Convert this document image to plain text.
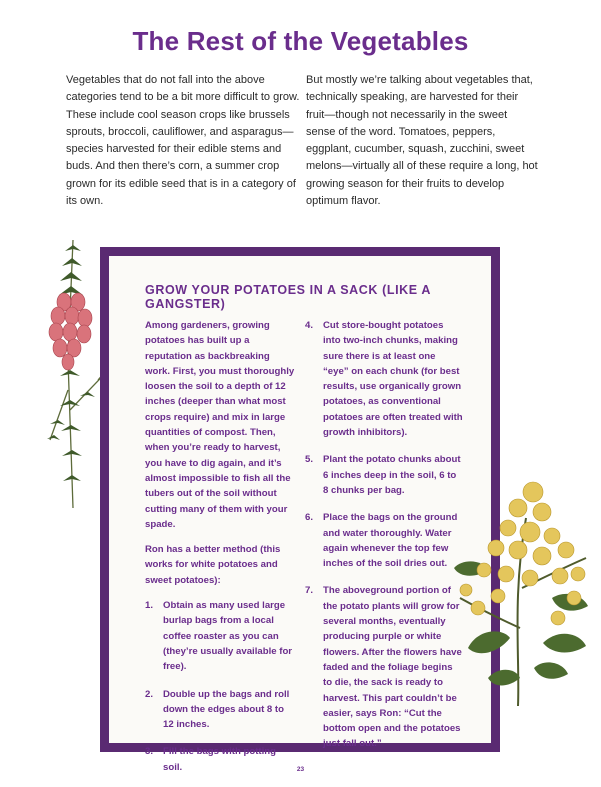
The Rest of the Vegetables
Vegetables that do not fall into the above categories tend to be a bit more difficult to grow. These include cool season crops like brussels sprouts, broccoli, cauliflower, and asparagus—species harvested for their edible stems and buds. And then there’s corn, a summer crop grown for its edible seed that is in a category of its own.
But mostly we’re talking about vegetables that, technically speaking, are harvested for their fruit—though not necessarily in the sweet sense of the word. Tomatoes, peppers, eggplant, cucumber, squash, zucchini, sweet melons—virtually all of these require a long, hot growing season for their fruits to develop optimum flavor.
GROW YOUR POTATOES IN A SACK (LIKE A GANGSTER)

Among gardeners, growing potatoes has built up a reputation as backbreaking work. First, you must thoroughly loosen the soil to a depth of 12 inches (deeper than what most crops require) and mix in large quantities of compost. Then, when you’re ready to harvest, you have to dig again, and it’s almost impossible to fish all the tubers out of the soil without cutting many of them with your spade.

Ron has a better method (this works for white potatoes and sweet potatoes):

1.	Obtain as many used large burlap bags from a local coffee roaster as you can (they’re usually available for free).
2.	Double up the bags and roll down the edges about 8 to 12 inches.
3.	Fill the bags with potting soil.
4.	Cut store-bought potatoes into two-inch chunks, making sure there is at least one “eye” on each chunk (for best results, use organically grown potatoes, as conventional potatoes are often treated with growth inhibitors).
5.	Plant the potato chunks about 6 inches deep in the soil, 6 to 8 chunks per bag.
6.	Place the bags on the ground and water thoroughly. Water again whenever the top few inches of the soil dries out.
7.	The aboveground portion of the potato plants will grow for several months, eventually producing purple or white flowers. After the flowers have faded and the foliage begins to die, the sack is ready to harvest. This part couldn’t be easier, says Ron: “Cut the bottom open and the potatoes just fall out.”
23
